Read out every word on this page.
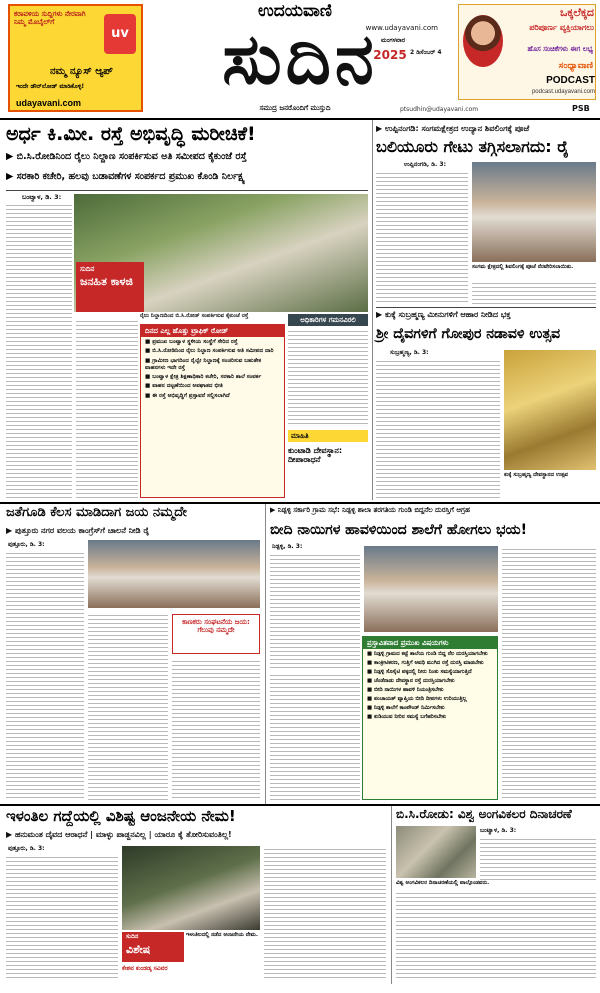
ಕರಾವಳಿಯ ಸುದ್ದಿಗಳು ನೇರವಾಗಿ ನಿಮ್ಮ ಮೊಬೈಲ್‌ಗೆ
uv
ನಮ್ಮ ನ್ಯೂಸ್ ಆ್ಯಪ್
ಇಂದೇ ಡೌನ್‌ಲೋಡ್ ಮಾಡಿಕೊಳ್ಳಿ!
udayavani.com
ಉದಯವಾಣಿ
ಸುದಿನ
www.udayavani.com
ಮಂಗಳವಾರ
2025 2 ಡಿಸೆಂಬರ್ 4
ಸಮುದ್ರ ಜನರೊಂದಿಗೆ ಮುಸ್ತುದಿ	ptsudhin@udayavani.com	PSB
ಒಕ್ಕಲೆಕ್ಕದ
ಪರಿಪೂರ್ಣ ವ್ಯಕ್ತಿಯಾಗಲು
ಹೊಸ ಸಂಚಿಕೆಗಳು ಈಗ ಲಭ್ಯ
ಸಂಧ್ಯಾವಾಣಿ
PODCAST
podcast.udayavani.com
ಅರ್ಧ ಕಿ.ಮೀ. ರಸ್ತೆ ಅಭಿವೃದ್ಧಿ ಮರೀಚಿಕೆ!
▶ ಬಿ.ಸಿ.ರೋಡಿನಿಂದ ರೈಲು ನಿಲ್ದಾಣ ಸಂಪರ್ಕಿಸುವ ಅತಿ ಸಮೀಪದ ಕೈಕುಂಜೆ ರಸ್ತೆ
▶ ಸರಕಾರಿ ಕಚೇರಿ, ಹಲವು ಬಡಾವಣೆಗಳ ಸಂಪರ್ಕದ ಪ್ರಮುಖ ಕೊಂಡಿ ನಿರ್ಲಕ್ಷ್ಯ
ಬಂಟ್ವಾಳ, ಡಿ. 3:
ರೈಲು ನಿಲ್ದಾಣದಿಂದ ಬಿ.ಸಿ.ರೋಡ್ ಸಂಪರ್ಕಿಸುವ ಕೈಕುಂಜೆ ರಸ್ತೆ
ಸುದಿನ
ಜನಹಿತ ಕಾಳಜಿ
ದಿನದ ಎಲ್ಲ ಹೊತ್ತು ಟ್ರಾಫಿಕ್ ರೋಡ್
■ ಪ್ರಮುಖ ಬಂಟ್ವಾಳ ಸ್ಥಳೀಯ ಸಂಸ್ಥೆಗೆ ಸೇರಿದ ರಸ್ತೆ
■ ಬಿ.ಸಿ.ರೋಡಿನಿಂದ ರೈಲು ನಿಲ್ದಾಣ ಸಂಪರ್ಕಿಸುವ ಅತಿ ಸಮೀಪದ ದಾರಿ
■ ಗ್ರಾಮೀಣ ಭಾಗದಿಂದ ರೈಲ್ವೇ ನಿಲ್ದಾಣಕ್ಕೆ ಸಂಚರಿಸುವ ಬಹುತೇಕ ವಾಹನಗಳು ಇದೇ ರಸ್ತೆ
■ ಬಂಟ್ವಾಳ ಕ್ಷೇತ್ರ ಶಿಕ್ಷಣಾಧಿಕಾರಿ ಕಚೇರಿ, ಸರಕಾರಿ ಶಾಲೆ ಸಂಪರ್ಕ
■ ವಾಹನ ದಟ್ಟಣೆಯಿಂದ ಅಪಘಾತದ ಭೀತಿ
■ ಈ ರಸ್ತೆ ಅಭಿವೃದ್ಧಿಗೆ ಪ್ರಸ್ತಾವನೆ ಸಲ್ಲಿಸಲಾಗಿದೆ
ಅಧಿಕಾರಿಗಳ ಗಮನವಿರಲಿ
ಮಾಹಿತಿ
ಕುಂಟಾಡಿ ದೇವಸ್ಥಾನ: ದೀಪಾರಾಧನೆ
▶ ಉಪ್ಪಿನಂಗಡಿ: ಸಂಗಮಕ್ಷೇತ್ರದ ಉದ್ಯಾನ ಶಿವಲಿಂಗಕ್ಕೆ ಪೂಜೆ
ಬಲಿಯೂರು ಗೇಟು ತಗ್ಗಿಸಲಾಗದು: ರೈ
ಉಪ್ಪಿನಂಗಡಿ, ಡಿ. 3:
ಸಂಗಮ ಕ್ಷೇತ್ರದಲ್ಲಿ ಶಿವಲಿಂಗಕ್ಕೆ ಪೂಜೆ ನೆರವೇರಿಸಲಾಯಿತು.
▶ ಕುಕ್ಕೆ ಸುಬ್ರಹ್ಮಣ್ಯ ಮೀನುಗಳಿಗೆ ಆಹಾರ ನೀಡಿದ ಭಕ್ತ
ಶ್ರೀ ದೈವಗಳಿಗೆ ಗೋಪುರ ನಡಾವಳಿ ಉತ್ಸವ
ಸುಬ್ರಹ್ಮಣ್ಯ, ಡಿ. 3:
ಕುಕ್ಕೆ ಸುಬ್ರಹ್ಮಣ್ಯ ದೇವಸ್ಥಾನದ ಉತ್ಸವ
ಜತೆಗೂಡಿ ಕೆಲಸ ಮಾಡಿದಾಗ ಜಯ ನಮ್ಮದೇ
▶ ಪುತ್ತೂರು ನಗರ ವಲಯ ಕಾಂಗ್ರೆಸ್‌ಗೆ ಚಾಲನೆ ನೀಡಿ ರೈ
ಪುತ್ತೂರು, ಡಿ. 3:
ಕಾಣಕರು ಸಂಘಟನೆಯ ಜಯ: ಗೆಲುವು ನಮ್ಮದೇ
▶ ನಿಡ್ಪಳ್ಳಿ ಸರ್ಕಾರಿ ಗ್ರಾಮ ಸಭೆ: ನಿಡ್ಪಳ್ಳಿ ಶಾಲಾ ತರಗತಿಯ ಗುಂಡಿ ಬಿದ್ದನೆಲ ದುರಸ್ತಿಗೆ ಆಗ್ರಹ
ಬೀದಿ ನಾಯಿಗಳ ಹಾವಳಿಯಿಂದ ಶಾಲೆಗೆ ಹೋಗಲು ಭಯ!
ನಿಡ್ಪಳ್ಳಿ, ಡಿ. 3:
ಪ್ರಸ್ತಾವಿತವಾದ ಪ್ರಮುಖ ವಿಷಯಗಳು
■ ನಿಡ್ಪಳ್ಳಿ ಗ್ರಾಮದ ಕಟ್ಟೆ ಶಾಲೆಯ ಗುಂಡಿ ಬಿದ್ದ ನೆಲ ದುರಸ್ತಿಯಾಗಬೇಕು
■ ಕಾಂಕ್ರೀಟಿಕರಣ, ಗುತ್ತಿಗೆ ಅವಧಿ ಮುಗಿದ ರಸ್ತೆ ದುರಸ್ತಿ ಮಾಡಬೇಕು
■ ನಿಡ್ಪಳ್ಳಿ ಸೊಸೈಟಿ ಪಕ್ಕದಲ್ಲಿ ನೀರು ನಿಂತು ಸಮಸ್ಯೆಯಾಗುತ್ತಿದೆ
■ ಚೆಂಡೆನಾಡು ದೇವಸ್ಥಾನ ರಸ್ತೆ ದುರಸ್ತಿಯಾಗಬೇಕು
■ ಬೀದಿ ನಾಯಿಗಳ ಹಾವಳಿ ನಿಯಂತ್ರಿಸಬೇಕು
■ ಪಂಚಾಯತ್ ವ್ಯಾಪ್ತಿಯ ಬೀದಿ ದೀಪಗಳು ಉರಿಯುತ್ತಿಲ್ಲ
■ ನಿಡ್ಪಳ್ಳಿ ಶಾಲೆಗೆ ಕಾಂಪೌಂಡ್ ನಿರ್ಮಿಸಬೇಕು
■ ಕುಡಿಯುವ ನೀರಿನ ಸಮಸ್ಯೆ ಬಗೆಹರಿಸಬೇಕು
ಇಳಂತಿಲ ಗದ್ದೆಯಲ್ಲಿ ವಿಶಿಷ್ಟ ಆಂಜನೇಯ ನೇಮ!
▶ ಹನುಮಂತ ದೈವದ ಆರಾಧನೆ | ಮಾಳ್ಳು ಪಾಡ್ದನವಿಲ್ಲ | ಯಾರೂ ಕೈ ತೋರಿಸುವಂತಿಲ್ಲ!
ಪುತ್ತೂರು, ಡಿ. 3:
ಇಳಂತಿಲದಲ್ಲಿ ನಡೆದ ಆಂಜನೇಯ ನೇಮ.
ಸುದಿನ
ವಿಶೇಷ
ಕೇಶವ ಕುಂಡಡ್ಕ ಸವಿವರ
ಬಿ.ಸಿ.ರೋಡು: ವಿಶ್ವ ಅಂಗವಿಕಲರ ದಿನಾಚರಣೆ
ಬಂಟ್ವಾಳ, ಡಿ. 3:
ವಿಶ್ವ ಅಂಗವಿಕಲರ ದಿನಾಚರಣೆಯಲ್ಲಿ ಪಾಲ್ಗೊಂಡವರು.
